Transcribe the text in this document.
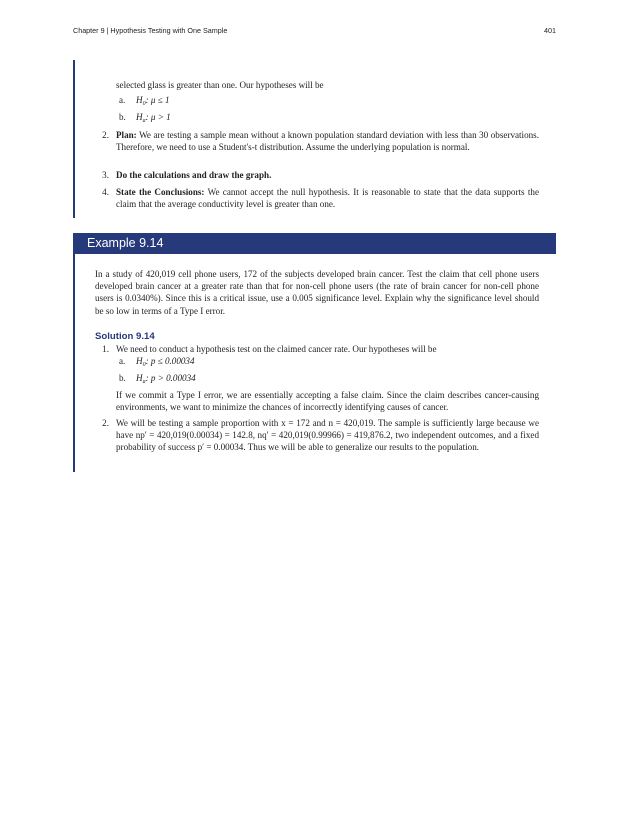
Chapter 9 | Hypothesis Testing with One Sample	401
selected glass is greater than one. Our hypotheses will be
a. $H_0$: μ ≤ 1
b. $H_a$: μ > 1
2. Plan: We are testing a sample mean without a known population standard deviation with less than 30 observations. Therefore, we need to use a Student's-t distribution. Assume the underlying population is normal.
3. Do the calculations and draw the graph.
4. State the Conclusions: We cannot accept the null hypothesis. It is reasonable to state that the data supports the claim that the average conductivity level is greater than one.
Example 9.14
In a study of 420,019 cell phone users, 172 of the subjects developed brain cancer. Test the claim that cell phone users developed brain cancer at a greater rate than that for non-cell phone users (the rate of brain cancer for non-cell phone users is 0.0340%). Since this is a critical issue, use a 0.005 significance level. Explain why the significance level should be so low in terms of a Type I error.
Solution 9.14
1. We need to conduct a hypothesis test on the claimed cancer rate. Our hypotheses will be
a. $H_0$: p ≤ 0.00034
b. $H_a$: p > 0.00034
If we commit a Type I error, we are essentially accepting a false claim. Since the claim describes cancer-causing environments, we want to minimize the chances of incorrectly identifying causes of cancer.
2. We will be testing a sample proportion with x = 172 and n = 420,019. The sample is sufficiently large because we have np′ = 420,019(0.00034) = 142.8, nq′ = 420,019(0.99966) = 419,876.2, two independent outcomes, and a fixed probability of success p′ = 0.00034. Thus we will be able to generalize our results to the population.
